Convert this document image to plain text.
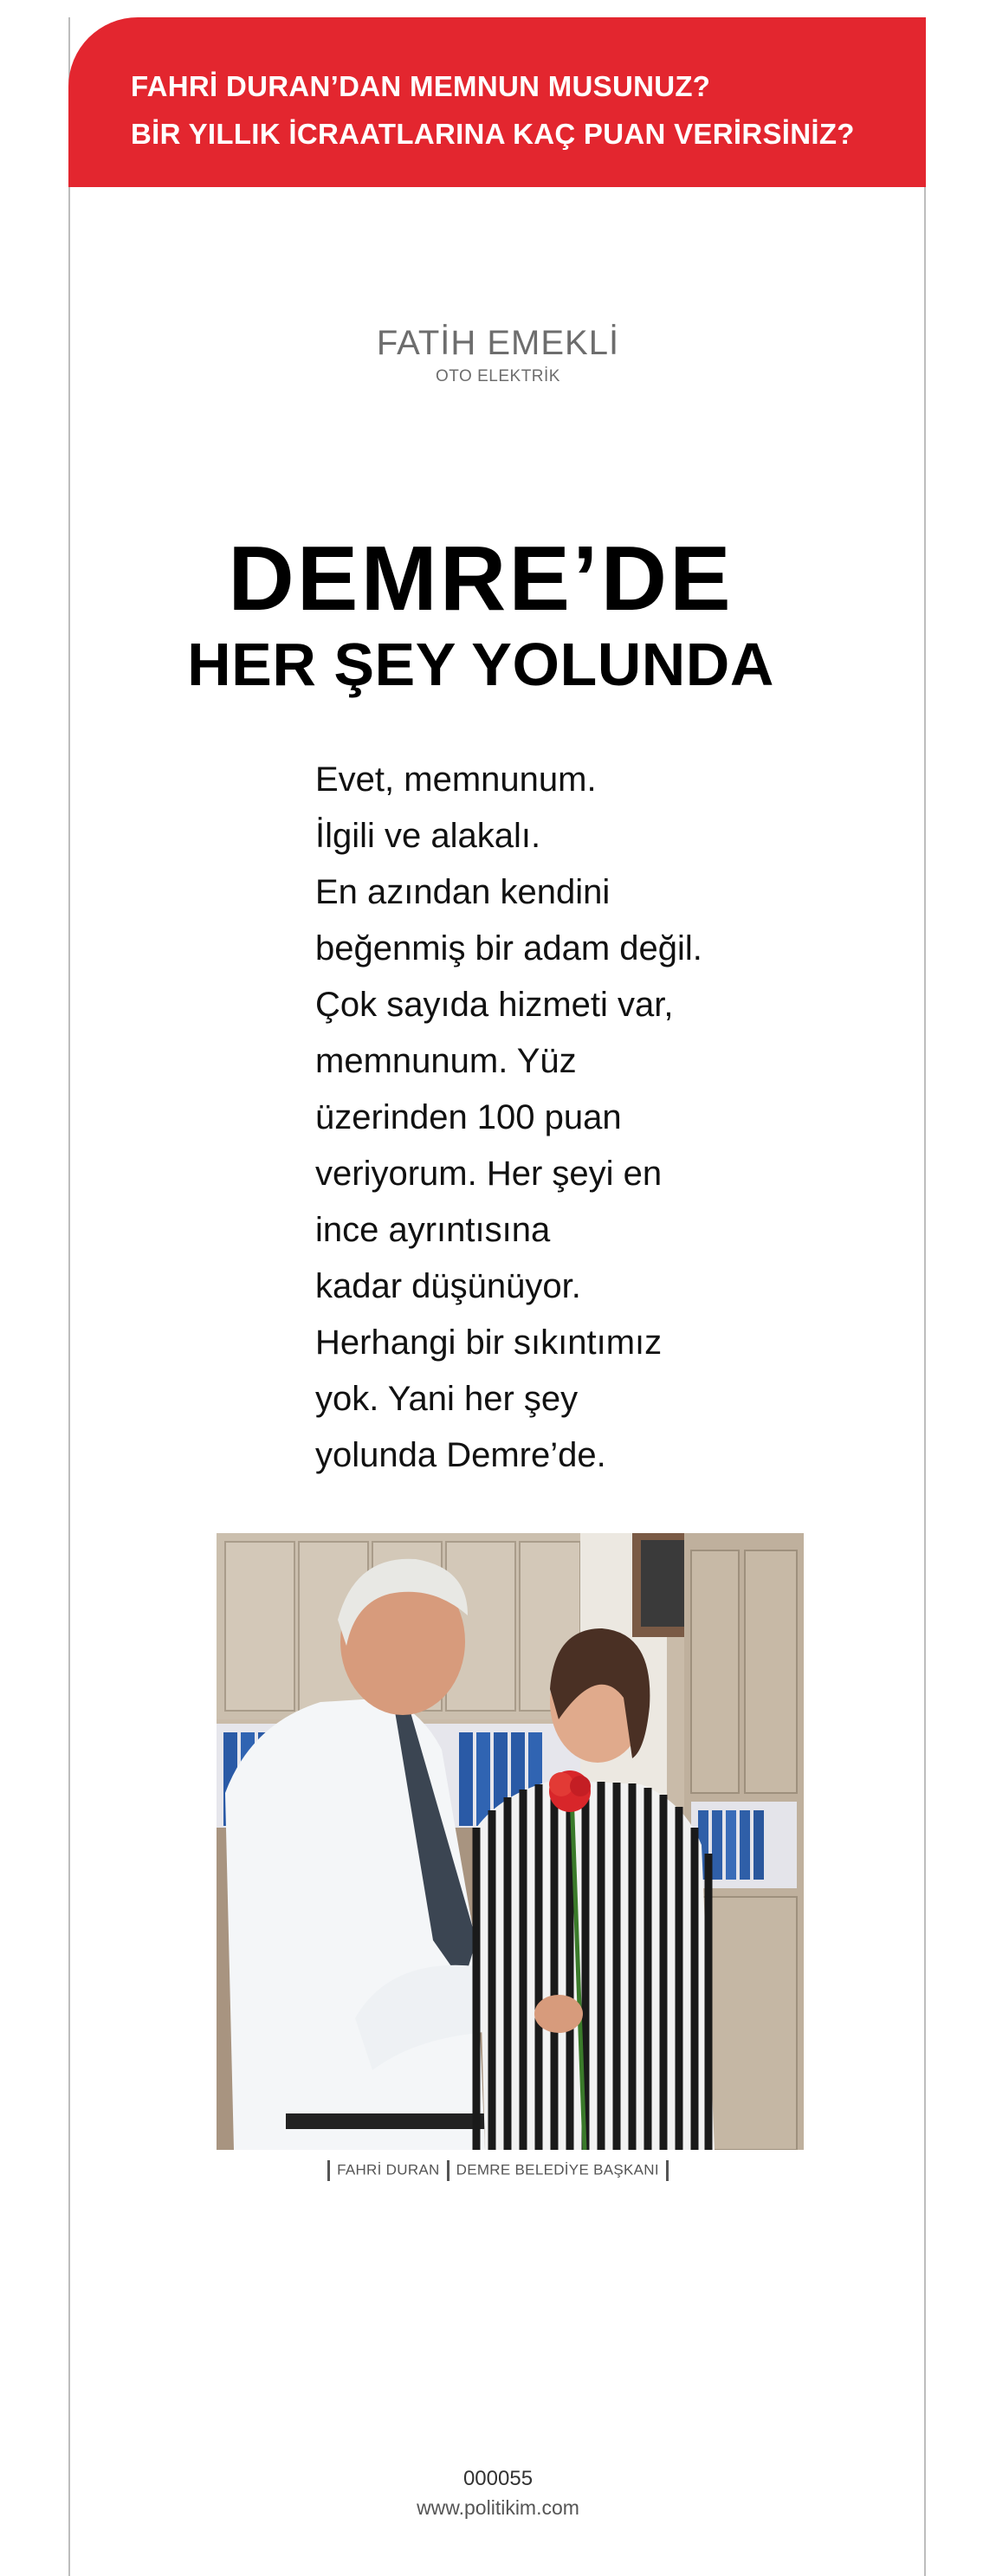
FAHRİ DURAN’DAN MEMNUN MUSUNUZ?
BİR YILLIK İCRAATLARINA KAÇ PUAN VERİRSİNİZ?
FATİH EMEKLİ
OTO ELEKTRİK
DEMRE’DE
HER ŞEY YOLUNDA
Evet, memnunum.
İlgili ve alakalı.
En azından kendini
beğenmiş bir adam değil.
Çok sayıda hizmeti var,
memnunum. Yüz
üzerinden 100 puan
veriyorum. Her şeyi en
ince ayrıntısına
kadar düşünüyor.
Herhangi bir sıkıntımız
yok. Yani her şey
yolunda Demre’de.
FAHRİ DURAN DEMRE BELEDİYE BAŞKANI
000055
www.politikim.com
